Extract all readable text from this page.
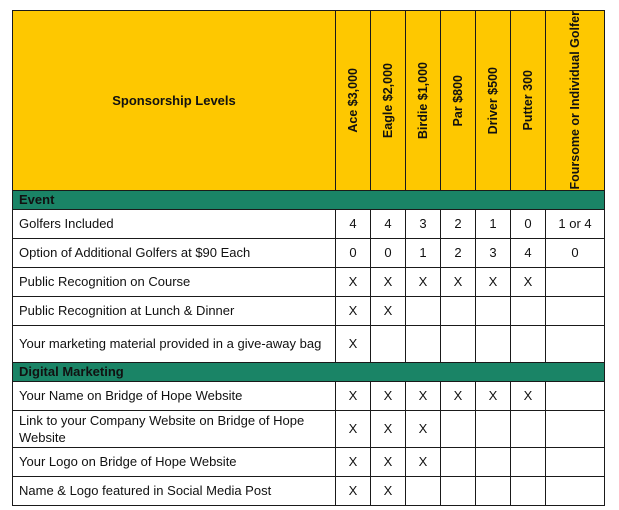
Sponsorship Levels	Ace $3,000	Eagle $2,000	Birdie $1,000	Par $800	Driver $500	Putter 300	Foursome or Individual Golfer

Event							
Golfers Included	4	4	3	2	1	0	1 or 4
Option of Additional Golfers at $90 Each	0	0	1	2	3	4	0
Public Recognition on Course	X	X	X	X	X	X	
Public Recognition at Lunch & Dinner	X	X					
Your marketing material provided in a give-away bag	X						
Digital Marketing							
Your Name on Bridge of Hope Website	X	X	X	X	X	X	
Link to your Company Website on Bridge of Hope Website	X	X	X				
Your Logo on Bridge of Hope Website	X	X	X				
Name & Logo featured in Social Media Post	X	X					
